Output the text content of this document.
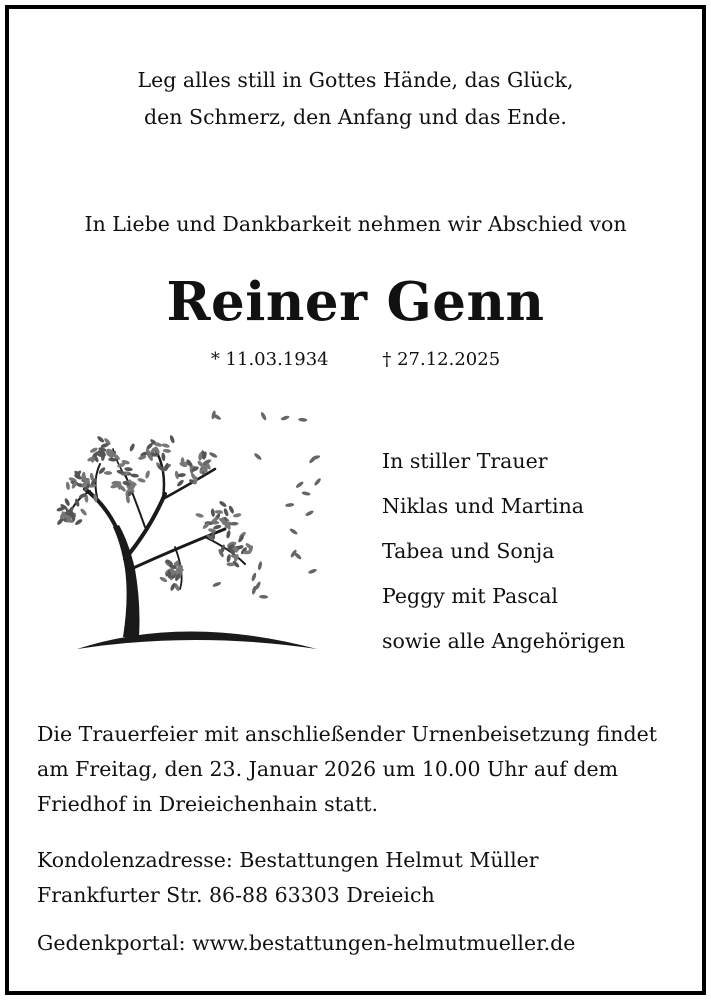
Leg alles still in Gottes Hände, das Glück,
den Schmerz, den Anfang und das Ende.
In Liebe und Dankbarkeit nehmen wir Abschied von
Reiner Genn
* 11.03.1934	† 27.12.2025
In stiller Trauer
Niklas und Martina
Tabea und Sonja
Peggy mit Pascal
sowie alle Angehörigen
Die Trauerfeier mit anschließender Urnenbeisetzung findet
am Freitag, den 23. Januar 2026 um 10.00 Uhr auf dem
Friedhof in Dreieichenhain statt.
Kondolenzadresse: Bestattungen Helmut Müller
Frankfurter Str. 86-88 63303 Dreieich
Gedenkportal: www.bestattungen-helmutmueller.de
